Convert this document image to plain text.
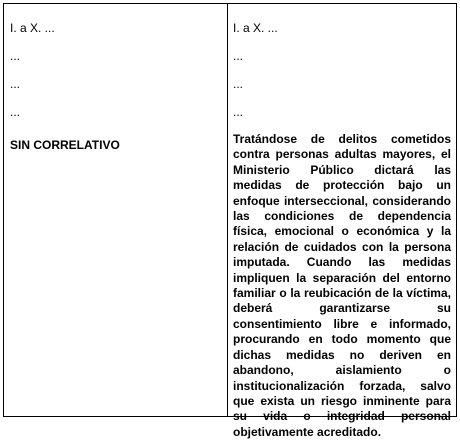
I. a X. ...
...
...
...
SIN CORRELATIVO
I. a X. ...
...
...
...

Tratándose de delitos cometidos contra personas adultas mayores, el Ministerio Público dictará las medidas de protección bajo un enfoque interseccional, considerando las condiciones de dependencia física, emocional o económica y la relación de cuidados con la persona imputada. Cuando las medidas impliquen la separación del entorno familiar o la reubicación de la víctima, deberá garantizarse su consentimiento libre e informado, procurando en todo momento que dichas medidas no deriven en abandono, aislamiento o institucionalización forzada, salvo que exista un riesgo inminente para su vida o integridad personal objetivamente acreditado.
